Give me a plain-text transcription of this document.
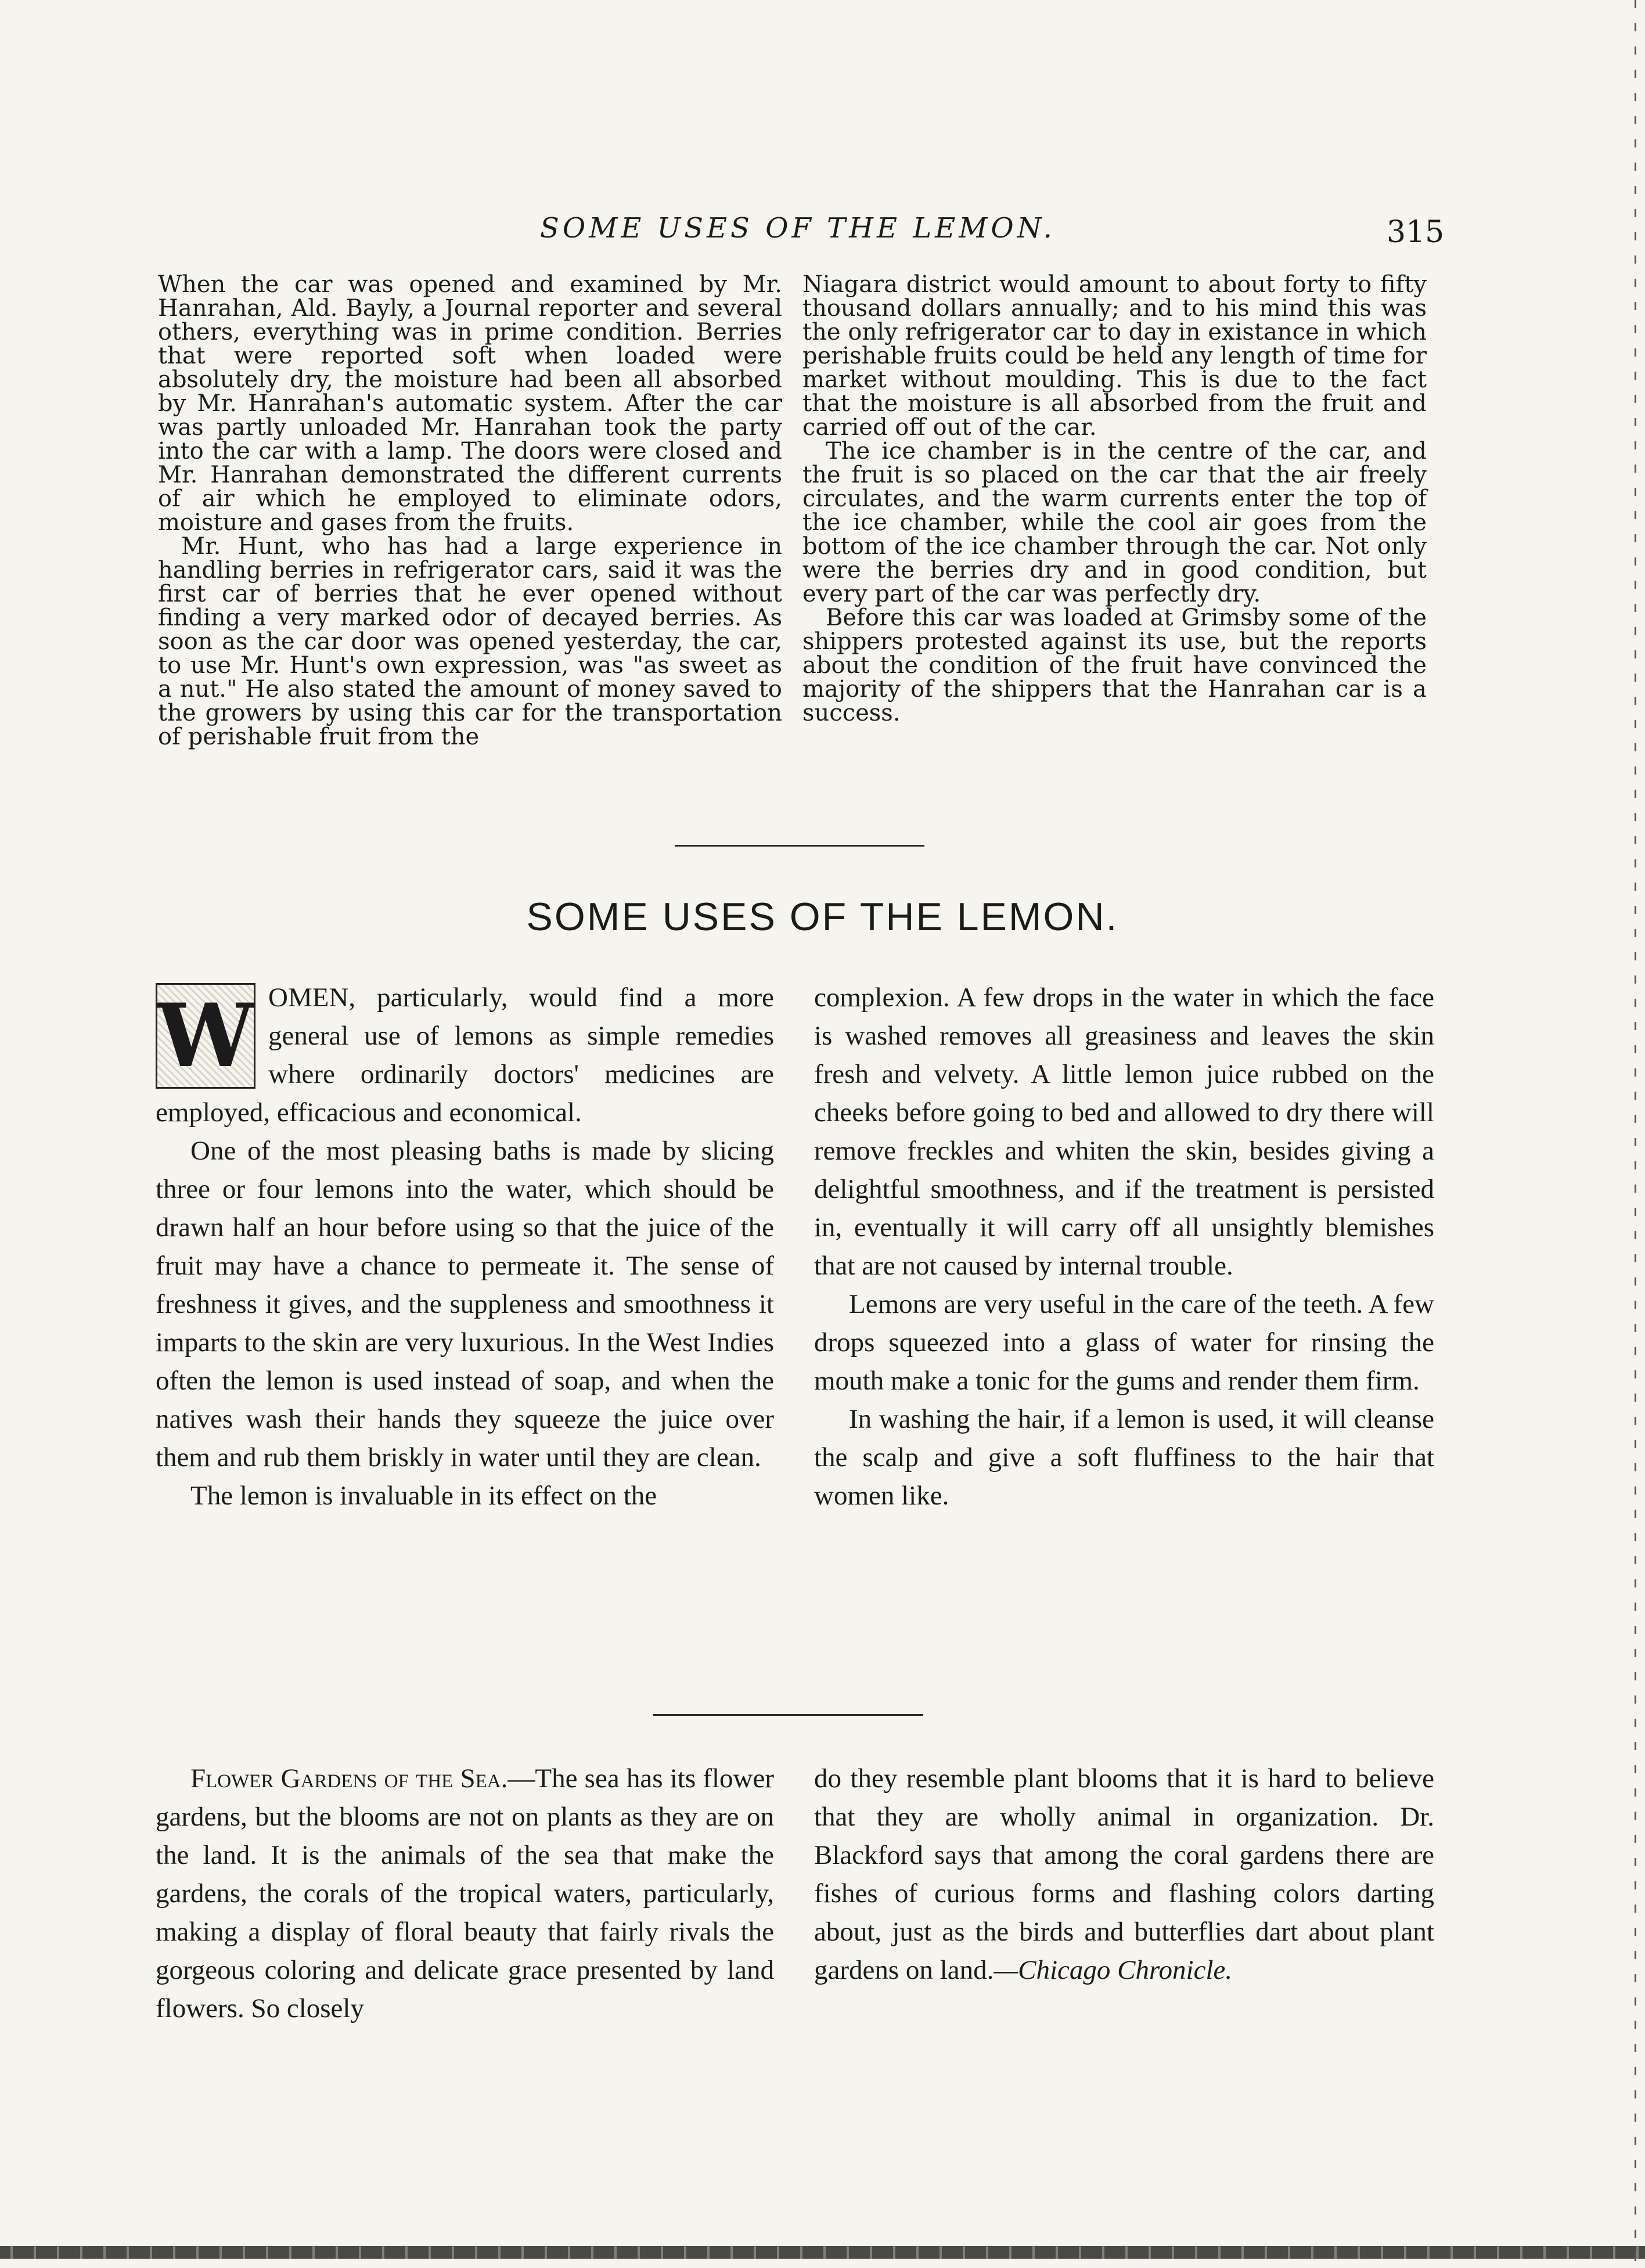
SOME USES OF THE LEMON.	315

When the car was opened and examined by Mr. Hanrahan, Ald. Bayly, a Journal reporter and several others, everything was in prime condition. Berries that were reported soft when loaded were absolutely dry, the moisture had been all absorbed by Mr. Hanrahan's automatic system. After the car was partly unloaded Mr. Hanrahan took the party into the car with a lamp. The doors were closed and Mr. Hanrahan demonstrated the different currents of air which he employed to eliminate odors, moisture and gases from the fruits.

Mr. Hunt, who has had a large experience in handling berries in refrigerator cars, said it was the first car of berries that he ever opened without finding a very marked odor of decayed berries. As soon as the car door was opened yesterday, the car, to use Mr. Hunt's own expression, was "as sweet as a nut." He also stated the amount of money saved to the growers by using this car for the transportation of perishable fruit from the

Niagara district would amount to about forty to fifty thousand dollars annually; and to his mind this was the only refrigerator car to day in existance in which perishable fruits could be held any length of time for market without moulding. This is due to the fact that the moisture is all absorbed from the fruit and carried off out of the car.

The ice chamber is in the centre of the car, and the fruit is so placed on the car that the air freely circulates, and the warm currents enter the top of the ice chamber, while the cool air goes from the bottom of the ice chamber through the car. Not only were the berries dry and in good condition, but every part of the car was perfectly dry.

Before this car was loaded at Grimsby some of the shippers protested against its use, but the reports about the condition of the fruit have convinced the majority of the shippers that the Hanrahan car is a success.

SOME USES OF THE LEMON.

W OMEN, particularly, would find a more general use of lemons as simple remedies where ordinarily doctors' medicines are employed, efficacious and economical.

One of the most pleasing baths is made by slicing three or four lemons into the water, which should be drawn half an hour before using so that the juice of the fruit may have a chance to permeate it. The sense of freshness it gives, and the suppleness and smoothness it imparts to the skin are very luxurious. In the West Indies often the lemon is used instead of soap, and when the natives wash their hands they squeeze the juice over them and rub them briskly in water until they are clean.

The lemon is invaluable in its effect on the

complexion. A few drops in the water in which the face is washed removes all greasiness and leaves the skin fresh and velvety. A little lemon juice rubbed on the cheeks before going to bed and allowed to dry there will remove freckles and whiten the skin, besides giving a delightful smoothness, and if the treatment is persisted in, eventually it will carry off all unsightly blemishes that are not caused by internal trouble.

Lemons are very useful in the care of the teeth. A few drops squeezed into a glass of water for rinsing the mouth make a tonic for the gums and render them firm.

In washing the hair, if a lemon is used, it will cleanse the scalp and give a soft fluffiness to the hair that women like.

Flower Gardens of the Sea.—The sea has its flower gardens, but the blooms are not on plants as they are on the land. It is the animals of the sea that make the gardens, the corals of the tropical waters, particularly, making a display of floral beauty that fairly rivals the gorgeous coloring and delicate grace presented by land flowers. So closely

do they resemble plant blooms that it is hard to believe that they are wholly animal in organization. Dr. Blackford says that among the coral gardens there are fishes of curious forms and flashing colors darting about, just as the birds and butterflies dart about plant gardens on land.—Chicago Chronicle.
